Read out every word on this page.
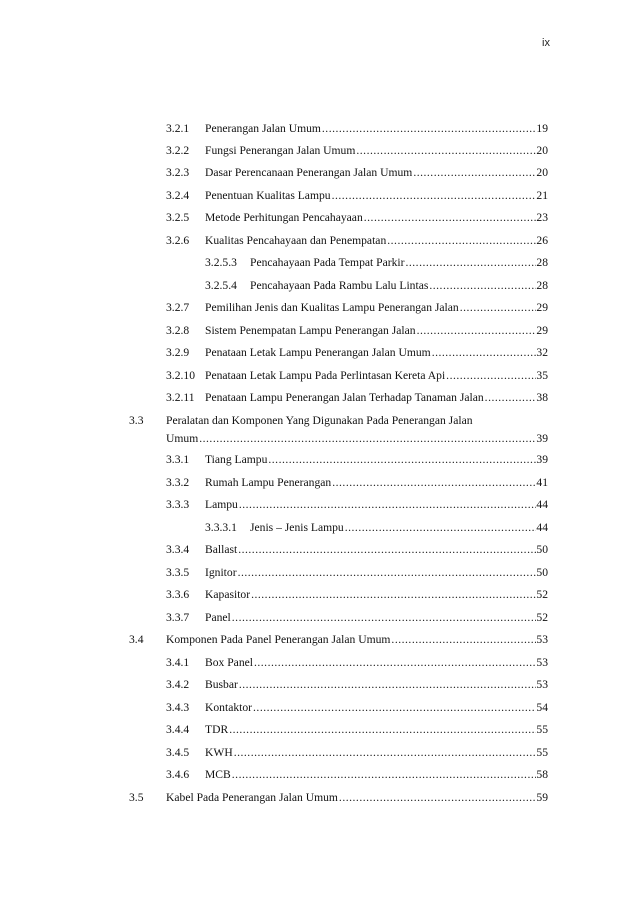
ix
3.2.1 Penerangan Jalan Umum .....	19
3.2.2 Fungsi Penerangan Jalan Umum .....	20
3.2.3 Dasar Perencanaan Penerangan Jalan Umum .....	20
3.2.4 Penentuan Kualitas Lampu .....	21
3.2.5 Metode Perhitungan Pencahayaan .....	23
3.2.6 Kualitas Pencahayaan dan Penempatan .....	26
3.2.5.3 Pencahayaan Pada Tempat Parkir .....	28
3.2.5.4 Pencahayaan Pada Rambu Lalu Lintas .....	28
3.2.7 Pemilihan Jenis dan Kualitas Lampu Penerangan Jalan .....	29
3.2.8 Sistem Penempatan Lampu Penerangan Jalan .....	29
3.2.9 Penataan Letak Lampu Penerangan Jalan Umum .....	32
3.2.10 Penataan Letak Lampu Pada Perlintasan Kereta Api .....	35
3.2.11 Penataan Lampu Penerangan Jalan Terhadap Tanaman Jalan .....	38
3.3 Peralatan dan Komponen Yang Digunakan Pada Penerangan Jalan
Umum .....	39
3.3.1 Tiang Lampu .....	39
3.3.2 Rumah Lampu Penerangan .....	41
3.3.3 Lampu .....	44
3.3.3.1 Jenis – Jenis Lampu .....	44
3.3.4 Ballast .....	50
3.3.5 Ignitor .....	50
3.3.6 Kapasitor .....	52
3.3.7 Panel .....	52
3.4 Komponen Pada Panel Penerangan Jalan Umum .....	53
3.4.1 Box Panel .....	53
3.4.2 Busbar .....	53
3.4.3 Kontaktor .....	54
3.4.4 TDR .....	55
3.4.5 KWH .....	55
3.4.6 MCB .....	58
3.5 Kabel Pada Penerangan Jalan Umum .....	59
